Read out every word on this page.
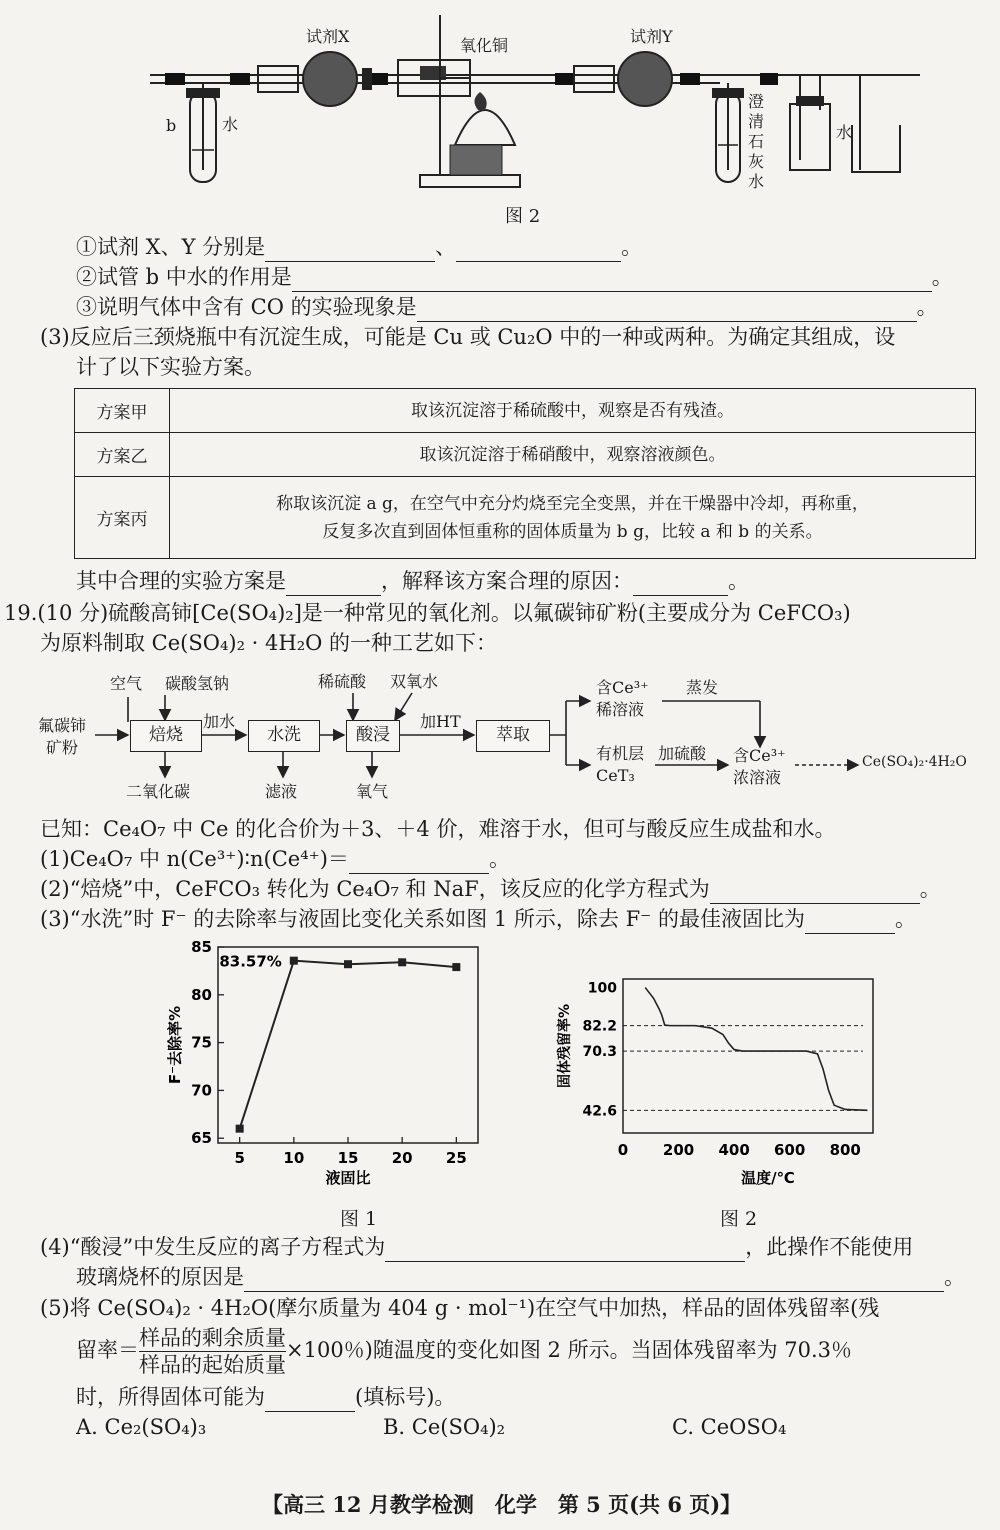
试剂X	氧化铜	试剂Y
b	水
澄
清
石
灰
水
水
图 2
①试剂 X、Y 分别是	、	。
②试管 b 中水的作用是	。
③说明气体中含有 CO 的实验现象是	。
(3)反应后三颈烧瓶中有沉淀生成，可能是 Cu 或 Cu₂O 中的一种或两种。为确定其组成，设
计了以下实验方案。
方案甲	取该沉淀溶于稀硫酸中，观察是否有残渣。
方案乙	取该沉淀溶于稀硝酸中，观察溶液颜色。
方案丙	称取该沉淀 a g，在空气中充分灼烧至完全变黑，并在干燥器中冷却，再称重，
反复多次直到固体恒重称的固体质量为 b g，比较 a 和 b 的关系。
其中合理的实验方案是	，解释该方案合理的原因：	。
19.(10 分)硫酸高铈[Ce(SO₄)₂]是一种常见的氧化剂。以氟碳铈矿粉(主要成分为 CeFCO₃)
为原料制取 Ce(SO₄)₂ · 4H₂O 的一种工艺如下：
焙烧	水洗	酸浸	萃取
氟碳铈
矿粉
空气 碳酸氢钠
加水
二氧化碳	滤液
稀硫酸 双氧水
氧气
加HT
含Ce³⁺
稀溶液
蒸发
有机层
CeT₃
加硫酸 含Ce³⁺
浓溶液
Ce(SO₄)₂·4H₂O
已知：Ce₄O₇ 中 Ce 的化合价为＋3、＋4 价，难溶于水，但可与酸反应生成盐和水。
(1)Ce₄O₇ 中 n(Ce³⁺)∶n(Ce⁴⁺)＝	。
(2)“焙烧”中，CeFCO₃ 转化为 Ce₄O₇ 和 NaF，该反应的化学方程式为	。
(3)“水洗”时 F⁻ 的去除率与液固比变化关系如图 1 所示，除去 F⁻ 的最佳液固比为	。
65
70
75
80
85
5	10 15 20 25
83.57%
液固比
F⁻去除率%
100
82.2
70.3
42.6
0 200 400 600 800
温度/℃
固体残留率%
图 1	图 2
(4)“酸浸”中发生反应的离子方程式为	，此操作不能使用
玻璃烧杯的原因是	。
(5)将 Ce(SO₄)₂ · 4H₂O(摩尔质量为 404 g · mol⁻¹)在空气中加热，样品的固体残留率(残
留率＝ $\frac{\text{样品的剩余质量}}{\text{样品的起始质量}} \times 100$％)随温度的变化如图 2 所示。当固体残留率为 70.3％
时，所得固体可能为	(填标号)。
A. Ce₂(SO₄)₃	B. Ce(SO₄)₂	C. CeOSO₄
【高三 12 月教学检测　化学　第 5 页(共 6 页)】
